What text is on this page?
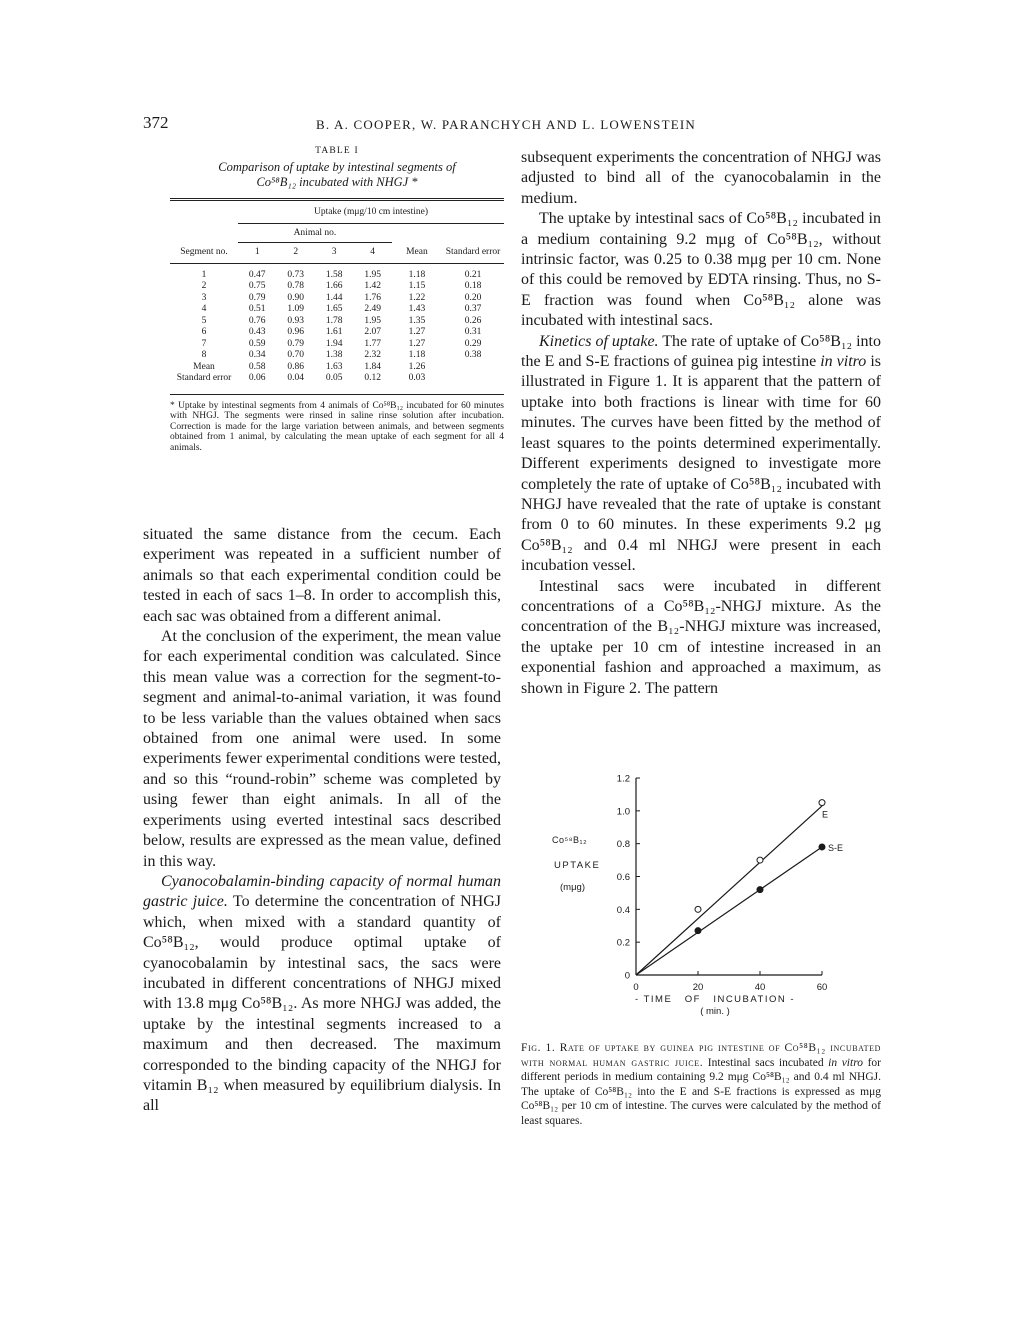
372	B. A. COOPER, W. PARANCHYCH AND L. LOWENSTEIN
TABLE I
Comparison of uptake by intestinal segments of
Co⁵⁸B₁₂ incubated with NHGJ *

Segment no.	Uptake (mμg/10 cm intestine)					
	Animal no.				Mean	Standard error
	1	2	3	4		

1	0.47	0.73	1.58	1.95	1.18	0.21
2	0.75	0.78	1.66	1.42	1.15	0.18
3	0.79	0.90	1.44	1.76	1.22	0.20
4	0.51	1.09	1.65	2.49	1.43	0.37
5	0.76	0.93	1.78	1.95	1.35	0.26
6	0.43	0.96	1.61	2.07	1.27	0.31
7	0.59	0.79	1.94	1.77	1.27	0.29
8	0.34	0.70	1.38	2.32	1.18	0.38
Mean	0.58	0.86	1.63	1.84	1.26	
Standard error	0.06	0.04	0.05	0.12	0.03	

* Uptake by intestinal segments from 4 animals of Co⁵⁸B₁₂ incubated for 60 minutes with NHGJ. The segments were rinsed in saline rinse solution after incubation. Correction is made for the large variation between animals, and between segments obtained from 1 animal, by calculating the mean uptake of each segment for all 4 animals.

situated the same distance from the cecum. Each experiment was repeated in a sufficient number of animals so that each experimental condition could be tested in each of sacs 1–8. In order to accomplish this, each sac was obtained from a different animal.

At the conclusion of the experiment, the mean value for each experimental condition was calculated. Since this mean value was a correction for the segment-to-segment and animal-to-animal variation, it was found to be less variable than the values obtained when sacs obtained from one animal were used. In some experiments fewer experimental conditions were tested, and so this “round-robin” scheme was completed by using fewer than eight animals. In all of the experiments using everted intestinal sacs described below, results are expressed as the mean value, defined in this way.

Cyanocobalamin-binding capacity of normal human gastric juice. To determine the concentration of NHGJ which, when mixed with a standard quantity of Co⁵⁸B₁₂, would produce optimal uptake of cyanocobalamin by intestinal sacs, the sacs were incubated in different concentrations of NHGJ mixed with 13.8 mμg Co⁵⁸B₁₂. As more NHGJ was added, the uptake by the intestinal segments increased to a maximum and then decreased. The maximum corresponded to the binding capacity of the NHGJ for vitamin B₁₂ when measured by equilibrium dialysis. In all

subsequent experiments the concentration of NHGJ was adjusted to bind all of the cyanocobalamin in the medium.

The uptake by intestinal sacs of Co⁵⁸B₁₂ incubated in a medium containing 9.2 mμg of Co⁵⁸B₁₂, without intrinsic factor, was 0.25 to 0.38 mμg per 10 cm. None of this could be removed by EDTA rinsing. Thus, no S-E fraction was found when Co⁵⁸B₁₂ alone was incubated with intestinal sacs.

Kinetics of uptake. The rate of uptake of Co⁵⁸B₁₂ into the E and S-E fractions of guinea pig intestine in vitro is illustrated in Figure 1. It is apparent that the pattern of uptake into both fractions is linear with time for 60 minutes. The curves have been fitted by the method of least squares to the points determined experimentally. Different experiments designed to investigate more completely the rate of uptake of Co⁵⁸B₁₂ incubated with NHGJ have revealed that the rate of uptake is constant from 0 to 60 minutes. In these experiments 9.2 μg Co⁵⁸B₁₂ and 0.4 ml NHGJ were present in each incubation vessel.

Intestinal sacs were incubated in different concentrations of a Co⁵⁸B₁₂-NHGJ mixture. As the concentration of the B₁₂-NHGJ mixture was increased, the uptake per 10 cm of intestine increased in an exponential fashion and approached a maximum, as shown in Figure 2. The pattern

Co⁵⁸B₁₂
UPTAKE
(mμg)
- TIME   OF   INCUBATION -
0
0.2
0.4
0.6
0.8
1.0
1.2
0	20	40	60
( min. )
E
S-E
Fig. 1. Rate of uptake by guinea pig intestine of Co⁵⁸B₁₂ incubated with normal human gastric juice. Intestinal sacs incubated in vitro for different periods in medium containing 9.2 mμg Co⁵⁸B₁₂ and 0.4 ml NHGJ. The uptake of Co⁵⁸B₁₂ into the E and S-E fractions is expressed as mμg Co⁵⁸B₁₂ per 10 cm of intestine. The curves were calculated by the method of least squares.
